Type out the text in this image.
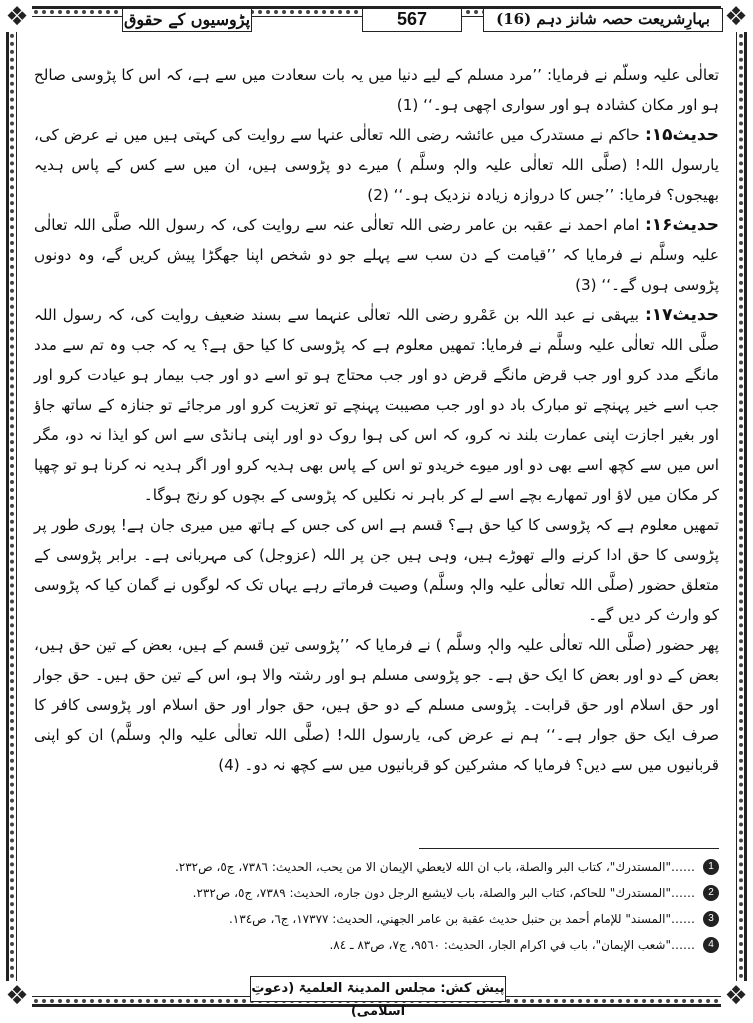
❖	❖
❖	❖
بہارِشریعت حصہ شانز دہم (16)
567
پڑوسیوں کے حقوق

تعالٰی علیہ وسلّم نے فرمایا: ’’مرد مسلم کے لیے دنیا میں یہ بات سعادت میں سے ہے، کہ اس کا پڑوسی صالح ہو اور مکان کشادہ ہو اور سواری اچھی ہو۔‘‘ (1)

حدیث۱۵: حاکم نے مستدرک میں عائشہ رضی اللہ تعالٰی عنہا سے روایت کی کہتی ہیں میں نے عرض کی، یارسول اللہ! (صلَّی اللہ تعالٰی علیہ والہٖ وسلَّم ) میرے دو پڑوسی ہیں، ان میں سے کس کے پاس ہدیہ بھیجوں؟ فرمایا: ’’جس کا دروازہ زیادہ نزدیک ہو۔‘‘ (2)

حدیث۱۶: امام احمد نے عقبہ بن عامر رضی اللہ تعالٰی عنہ سے روایت کی، کہ رسول اللہ صلَّی اللہ تعالٰی علیہ وسلَّم نے فرمایا کہ ’’قیامت کے دن سب سے پہلے جو دو شخص اپنا جھگڑا پیش کریں گے، وہ دونوں پڑوسی ہوں گے۔‘‘ (3)

حدیث۱۷: بیہقی نے عبد اللہ بن عَمْرو رضی اللہ تعالٰی عنہما سے بسند ضعیف روایت کی، کہ رسول اللہ صلَّی اللہ تعالٰی علیہ وسلَّم نے فرمایا: تمھیں معلوم ہے کہ پڑوسی کا کیا حق ہے؟ یہ کہ جب وہ تم سے مدد مانگے مدد کرو اور جب قرض مانگے قرض دو اور جب محتاج ہو تو اسے دو اور جب بیمار ہو عیادت کرو اور جب اسے خیر پہنچے تو مبارک باد دو اور جب مصیبت پہنچے تو تعزیت کرو اور مرجائے تو جنازہ کے ساتھ جاؤ اور بغیر اجازت اپنی عمارت بلند نہ کرو، کہ اس کی ہوا روک دو اور اپنی ہانڈی سے اس کو ایذا نہ دو، مگر اس میں سے کچھ اسے بھی دو اور میوے خریدو تو اس کے پاس بھی ہدیہ کرو اور اگر ہدیہ نہ کرنا ہو تو چھپا کر مکان میں لاؤ اور تمھارے بچے اسے لے کر باہر نہ نکلیں کہ پڑوسی کے بچوں کو رنج ہوگا۔

تمھیں معلوم ہے کہ پڑوسی کا کیا حق ہے؟ قسم ہے اس کی جس کے ہاتھ میں میری جان ہے! پوری طور پر پڑوسی کا حق ادا کرنے والے تھوڑے ہیں، وہی ہیں جن پر اللہ (عزوجل) کی مہربانی ہے۔ برابر پڑوسی کے متعلق حضور (صلَّی اللہ تعالٰی علیہ والہٖ وسلَّم) وصیت فرماتے رہے یہاں تک کہ لوگوں نے گمان کیا کہ پڑوسی کو وارث کر دیں گے۔

پھر حضور (صلَّی اللہ تعالٰی علیہ والہٖ وسلَّم ) نے فرمایا کہ ’’پڑوسی تین قسم کے ہیں، بعض کے تین حق ہیں، بعض کے دو اور بعض کا ایک حق ہے۔ جو پڑوسی مسلم ہو اور رشتہ والا ہو، اس کے تین حق ہیں۔ حق جوار اور حق اسلام اور حق قرابت۔ پڑوسی مسلم کے دو حق ہیں، حق جوار اور حق اسلام اور پڑوسی کافر کا صرف ایک حق جوار ہے۔‘‘ ہم نے عرض کی، یارسول اللہ! (صلَّی اللہ تعالٰی علیہ والہٖ وسلَّم) ان کو اپنی قربانیوں میں سے دیں؟ فرمایا کہ مشرکین کو قربانیوں میں سے کچھ نہ دو۔ (4)

1
……"المستدرك"، كتاب البر والصلة، باب ان الله لايعطي الإيمان الا من يحب، الحديث: ٧٣٨٦، ج٥، ص٢٣٢.
2
……"المستدرك" للحاكم، كتاب البر والصلة، باب لايشبع الرجل دون جاره، الحديث: ٧٣٨٩، ج٥، ص٢٣٢.
3
……"المسند" للإمام أحمد بن حنبل حديث عقبة بن عامر الجهني، الحديث: ١٧٣٧٧، ج٦، ص١٣٤.
4
……"شعب الإيمان"، باب في اكرام الجار، الحديث: ٩٥٦٠، ج٧، ص٨٣ ـ ٨٤.
پیش کش: مجلس المدینۃ العلمیۃ (دعوتِ اسلامی)
